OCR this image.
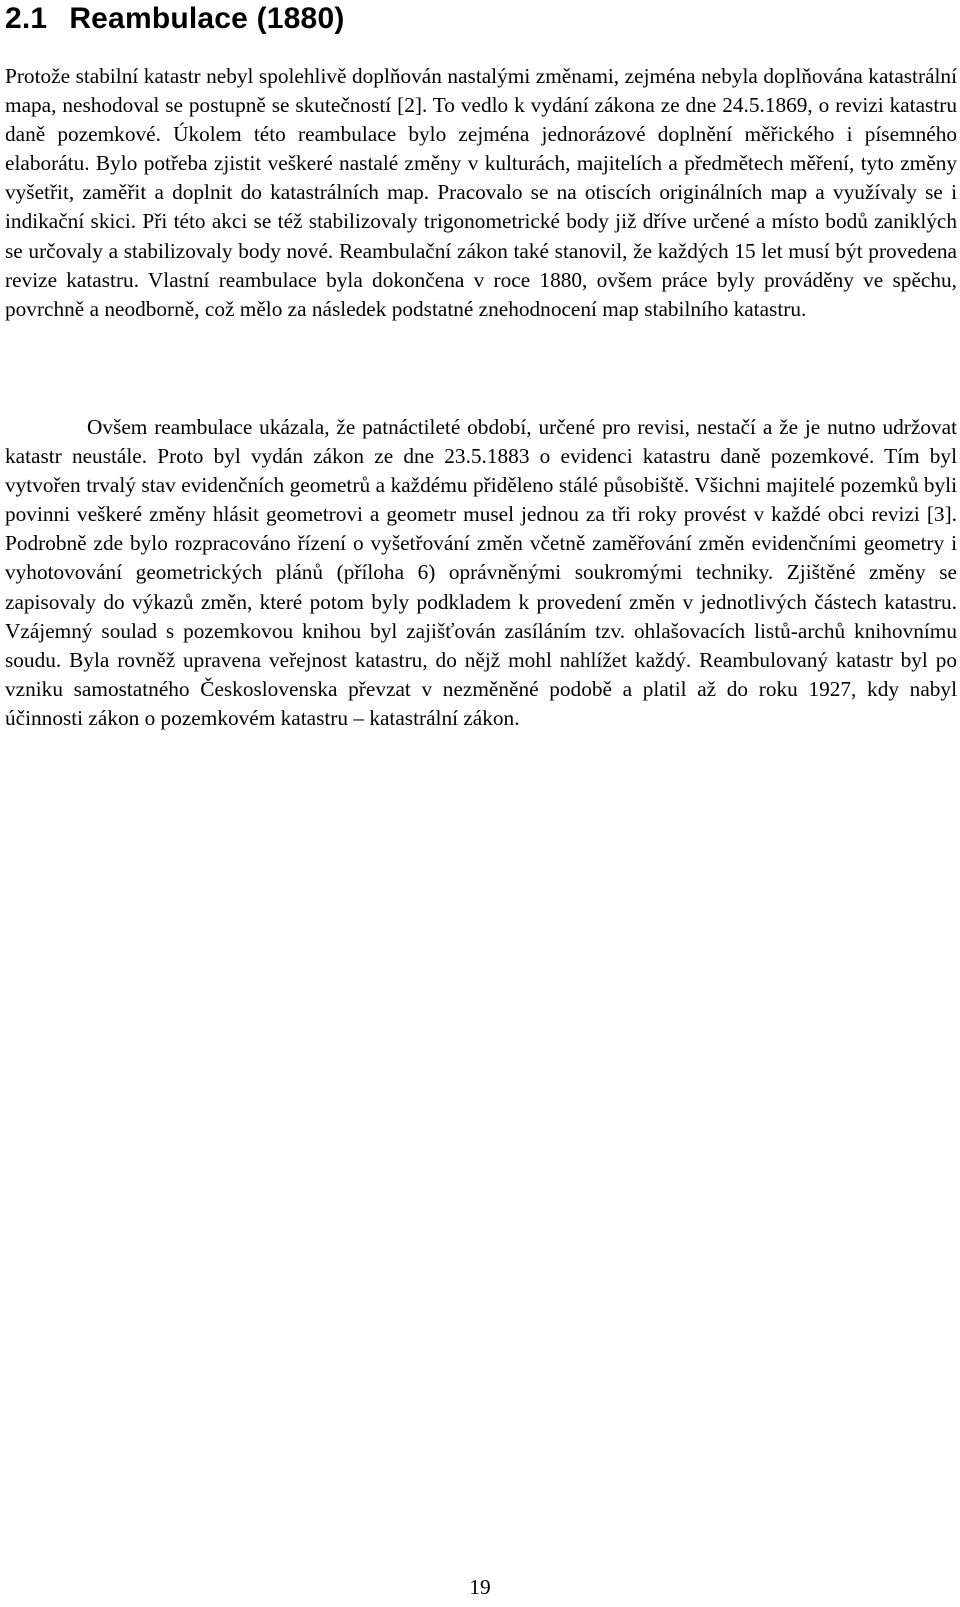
2.1 Reambulace (1880)

Protože stabilní katastr nebyl spolehlivě doplňován nastalými změnami, zejména nebyla doplňována katastrální mapa, neshodoval se postupně se skutečností [2]. To vedlo k vydání zákona ze dne 24.5.1869, o revizi katastru daně pozemkové. Úkolem této reambulace bylo zejména jednorázové doplnění měřického i písemného elaborátu. Bylo potřeba zjistit veškeré nastalé změny v kulturách, majitelích a předmětech měření, tyto změny vyšetřit, zaměřit a doplnit do katastrálních map. Pracovalo se na otiscích originálních map a využívaly se i indikační skici. Při této akci se též stabilizovaly trigonometrické body již dříve určené a místo bodů zaniklých se určovaly a stabilizovaly body nové. Reambulační zákon také stanovil, že každých 15 let musí být provedena revize katastru. Vlastní reambulace byla dokončena v roce 1880, ovšem práce byly prováděny ve spěchu, povrchně a neodborně, což mělo za následek podstatné znehodnocení map stabilního katastru.

Ovšem reambulace ukázala, že patnáctileté období, určené pro revisi, nestačí a že je nutno udržovat katastr neustále. Proto byl vydán zákon ze dne 23.5.1883 o evidenci katastru daně pozemkové. Tím byl vytvořen trvalý stav evidenčních geometrů a každému přiděleno stálé působiště. Všichni majitelé pozemků byli povinni veškeré změny hlásit geometrovi a geometr musel jednou za tři roky provést v každé obci revizi [3]. Podrobně zde bylo rozpracováno řízení o vyšetřování změn včetně zaměřování změn evidenčními geometry i vyhotovování geometrických plánů (příloha 6) oprávněnými soukromými techniky. Zjištěné změny se zapisovaly do výkazů změn, které potom byly podkladem k provedení změn v jednotlivých částech katastru. Vzájemný soulad s pozemkovou knihou byl zajišťován zasíláním tzv. ohlašovacích listů-archů knihovnímu soudu. Byla rovněž upravena veřejnost katastru, do nějž mohl nahlížet každý. Reambulovaný katastr byl po vzniku samostatného Československa převzat v nezměněné podobě a platil až do roku 1927, kdy nabyl účinnosti zákon o pozemkovém katastru – katastrální zákon.

19
